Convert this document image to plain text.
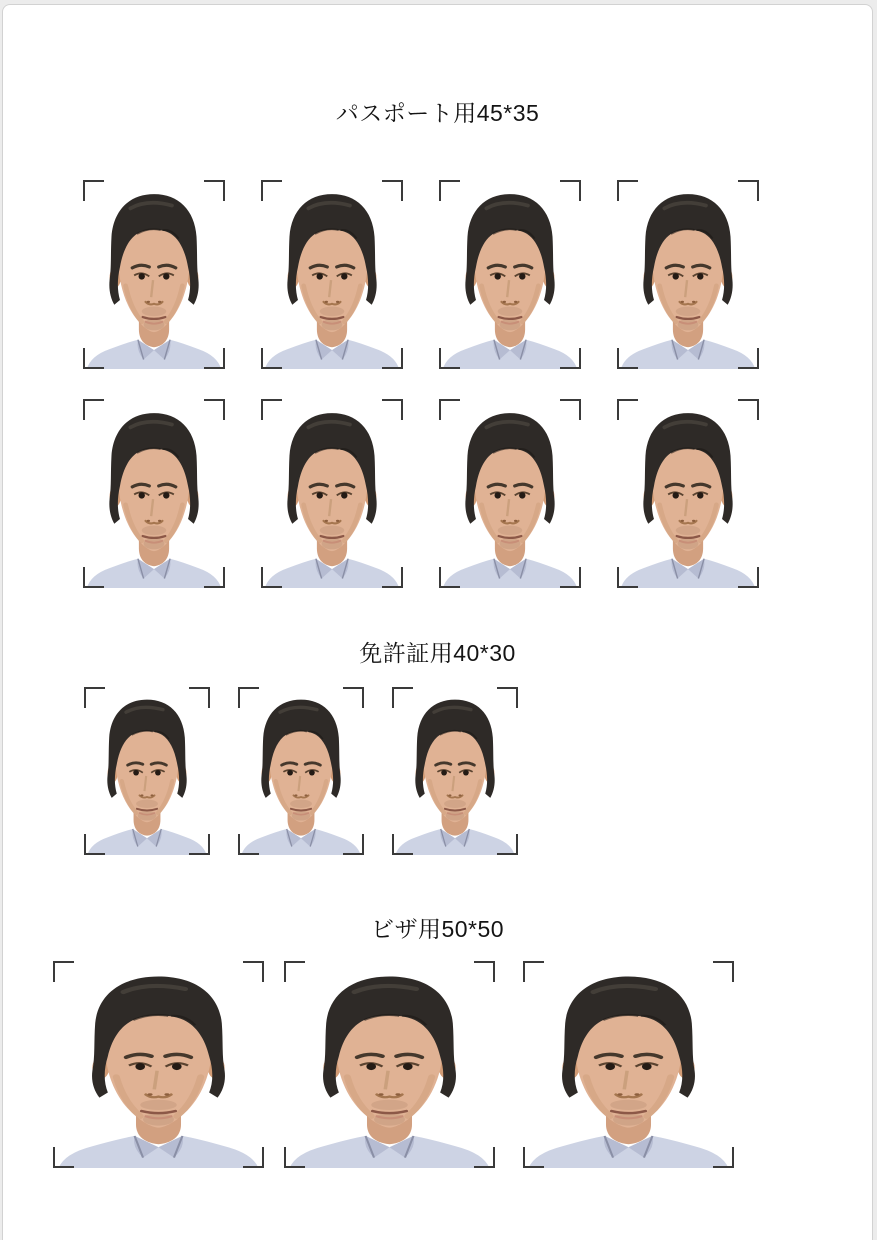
パスポート用45*35
免許証用40*30
ビザ用50*50
